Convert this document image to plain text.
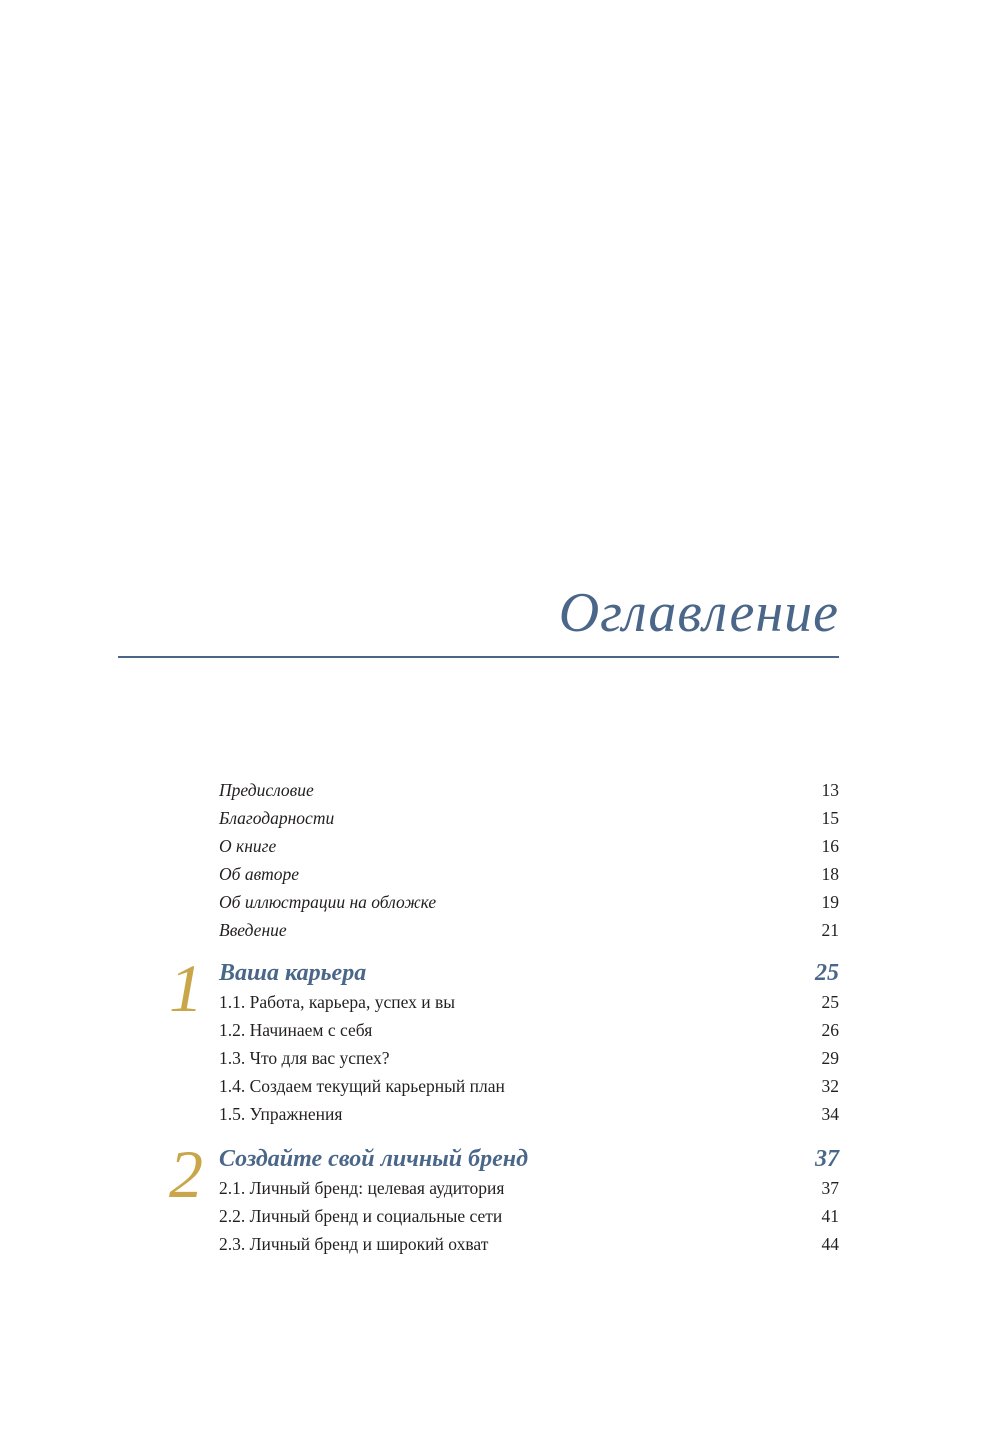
Оглавление
Предисловие	13
Благодарности	15
О книге	16
Об авторе	18
Об иллюстрации на обложке	19
Введение	21
1 Ваша карьера	25
1.1. Работа, карьера, успех и вы	25
1.2. Начинаем с себя	26
1.3. Что для вас успех?	29
1.4. Создаем текущий карьерный план	32
1.5. Упражнения	34
2 Создайте свой личный бренд	37
2.1. Личный бренд: целевая аудитория	37
2.2. Личный бренд и социальные сети	41
2.3. Личный бренд и широкий охват	44
